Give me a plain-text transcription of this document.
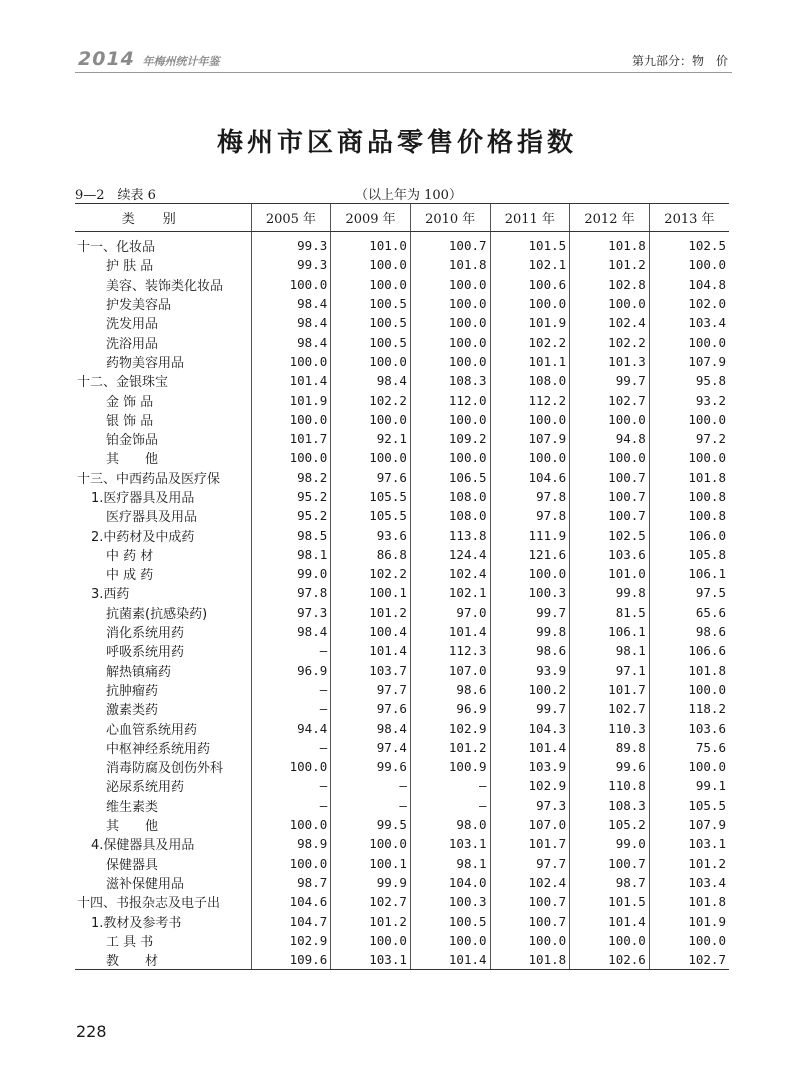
2014 年梅州统计年鉴	第九部分：物　价
梅州市区商品零售价格指数
9—2　续表 6	（以上年为 100）
类别	2005 年	2009 年	2010 年	2011 年	2012 年	2013 年
十一、化妆品	99.3	101.0	100.7	101.5	101.8	102.5
护 肤 品	99.3	100.0	101.8	102.1	101.2	100.0
美容、装饰类化妆品	100.0	100.0	100.0	100.6	102.8	104.8
护发美容品	98.4	100.5	100.0	100.0	100.0	102.0
洗发用品	98.4	100.5	100.0	101.9	102.4	103.4
洗浴用品	98.4	100.5	100.0	102.2	102.2	100.0
药物美容用品	100.0	100.0	100.0	101.1	101.3	107.9
十二、金银珠宝	101.4	98.4	108.3	108.0	99.7	95.8
金 饰 品	101.9	102.2	112.0	112.2	102.7	93.2
银 饰 品	100.0	100.0	100.0	100.0	100.0	100.0
铂金饰品	101.7	92.1	109.2	107.9	94.8	97.2
其　　他	100.0	100.0	100.0	100.0	100.0	100.0
十三、中西药品及医疗保	98.2	97.6	106.5	104.6	100.7	101.8
1.医疗器具及用品	95.2	105.5	108.0	97.8	100.7	100.8
医疗器具及用品	95.2	105.5	108.0	97.8	100.7	100.8
2.中药材及中成药	98.5	93.6	113.8	111.9	102.5	106.0
中 药 材	98.1	86.8	124.4	121.6	103.6	105.8
中 成 药	99.0	102.2	102.4	100.0	101.0	106.1
3.西药	97.8	100.1	102.1	100.3	99.8	97.5
抗菌素(抗感染药)	97.3	101.2	97.0	99.7	81.5	65.6
消化系统用药	98.4	100.4	101.4	99.8	106.1	98.6
呼吸系统用药	—	101.4	112.3	98.6	98.1	106.6
解热镇痛药	96.9	103.7	107.0	93.9	97.1	101.8
抗肿瘤药	—	97.7	98.6	100.2	101.7	100.0
激素类药	—	97.6	96.9	99.7	102.7	118.2
心血管系统用药	94.4	98.4	102.9	104.3	110.3	103.6
中枢神经系统用药	—	97.4	101.2	101.4	89.8	75.6
消毒防腐及创伤外科	100.0	99.6	100.9	103.9	99.6	100.0
泌尿系统用药	—	—	—	102.9	110.8	99.1
维生素类	—	—	—	97.3	108.3	105.5
其　　他	100.0	99.5	98.0	107.0	105.2	107.9
4.保健器具及用品	98.9	100.0	103.1	101.7	99.0	103.1
保健器具	100.0	100.1	98.1	97.7	100.7	101.2
滋补保健用品	98.7	99.9	104.0	102.4	98.7	103.4
十四、书报杂志及电子出	104.6	102.7	100.3	100.7	101.5	101.8
1.教材及参考书	104.7	101.2	100.5	100.7	101.4	101.9
工 具 书	102.9	100.0	100.0	100.0	100.0	100.0
教　　材	109.6	103.1	101.4	101.8	102.6	102.7
228
